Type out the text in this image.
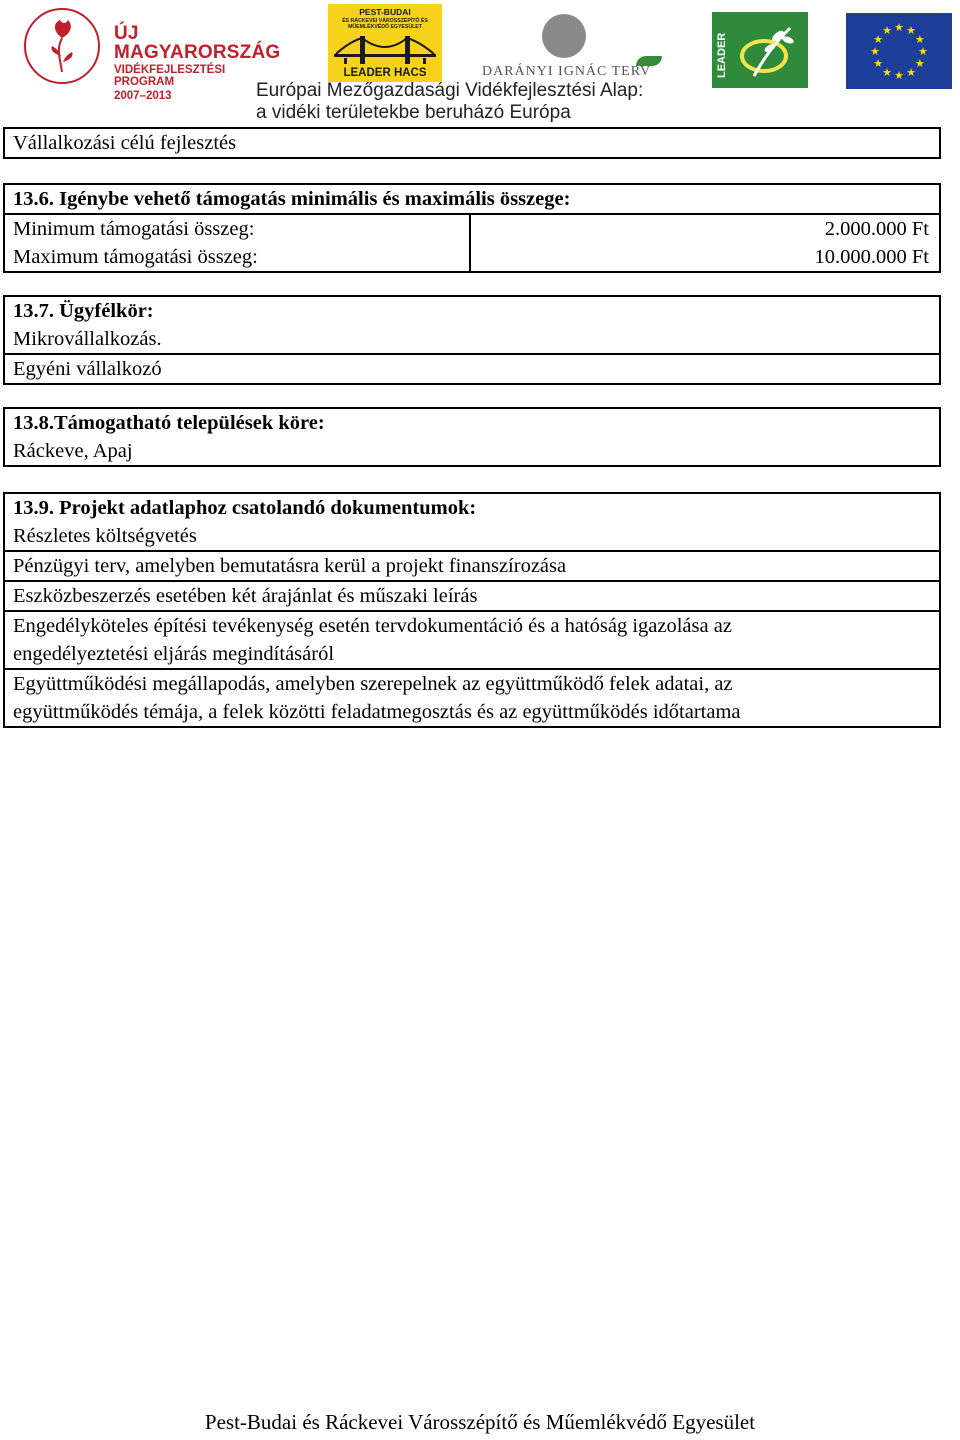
ÚJ MAGYARORSZÁG
VIDÉKFEJLESZTÉSI PROGRAM
2007–2013
PEST-BUDAI
ÉS RÁCKEVEI VÁROSSZÉPÍTŐ ÉS MŰEMLÉKVÉDŐ EGYESÜLET
LEADER HACS	DARÁNYI IGNÁC TERV
Európai Mezőgazdasági Vidékfejlesztési Alap:
a vidéki területekbe beruházó Európa
LEADER
★ ★
★
★
★
★
★
★
★
★
★
★
Vállalkozási célú fejlesztés
13.6. Igénybe vehető támogatás minimális és maximális összege:
Minimum támogatási összeg:
Maximum támogatási összeg:
2.000.000 Ft
10.000.000 Ft
13.7. Ügyfélkör:
Mikrovállalkozás.
Egyéni vállalkozó
13.8.Támogatható települések köre:
Ráckeve, Apaj
13.9. Projekt adatlaphoz csatolandó dokumentumok:
Részletes költségvetés
Pénzügyi terv, amelyben bemutatásra kerül a projekt finanszírozása
Eszközbeszerzés esetében két árajánlat és műszaki leírás
Engedélyköteles építési tevékenység esetén tervdokumentáció és a hatóság igazolása az
engedélyeztetési eljárás megindításáról
Együttműködési megállapodás, amelyben szerepelnek az együttműködő felek adatai, az
együttműködés témája, a felek közötti feladatmegosztás és az együttműködés időtartama
Pest-Budai és Ráckevei Városszépítő és Műemlékvédő Egyesület
